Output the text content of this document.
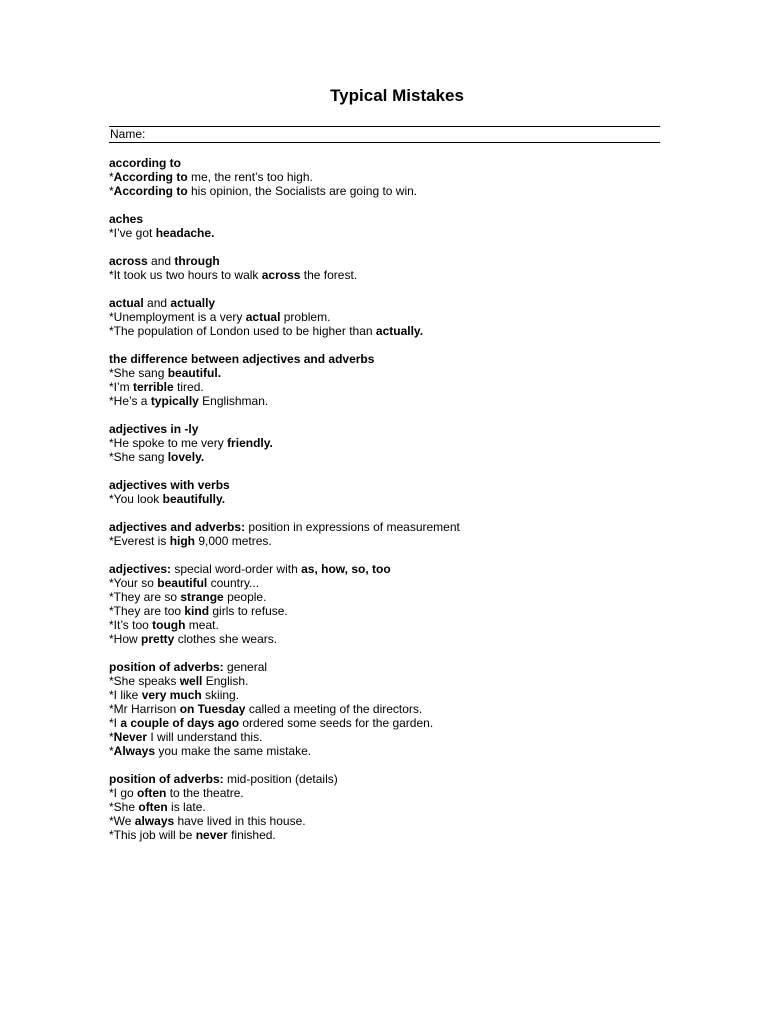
Typical Mistakes
Name:
according to
*According to me, the rent’s too high.
*According to his opinion, the Socialists are going to win.
aches
*I’ve got headache.
across and through
*It took us two hours to walk across the forest.
actual and actually
*Unemployment is a very actual problem.
*The population of London used to be higher than actually.
the difference between adjectives and adverbs
*She sang beautiful.
*I’m terrible tired.
*He’s a typically Englishman.
adjectives in -ly
*He spoke to me very friendly.
*She sang lovely.
adjectives with verbs
*You look beautifully.
adjectives and adverbs: position in expressions of measurement
*Everest is high 9,000 metres.
adjectives: special word-order with as, how, so, too
*Your so beautiful country...
*They are so strange people.
*They are too kind girls to refuse.
*It’s too tough meat.
*How pretty clothes she wears.
position of adverbs: general
*She speaks well English.
*I like very much skiing.
*Mr Harrison on Tuesday called a meeting of the directors.
*I a couple of days ago ordered some seeds for the garden.
*Never I will understand this.
*Always you make the same mistake.
position of adverbs: mid-position (details)
*I go often to the theatre.
*She often is late.
*We always have lived in this house.
*This job will be never finished.
